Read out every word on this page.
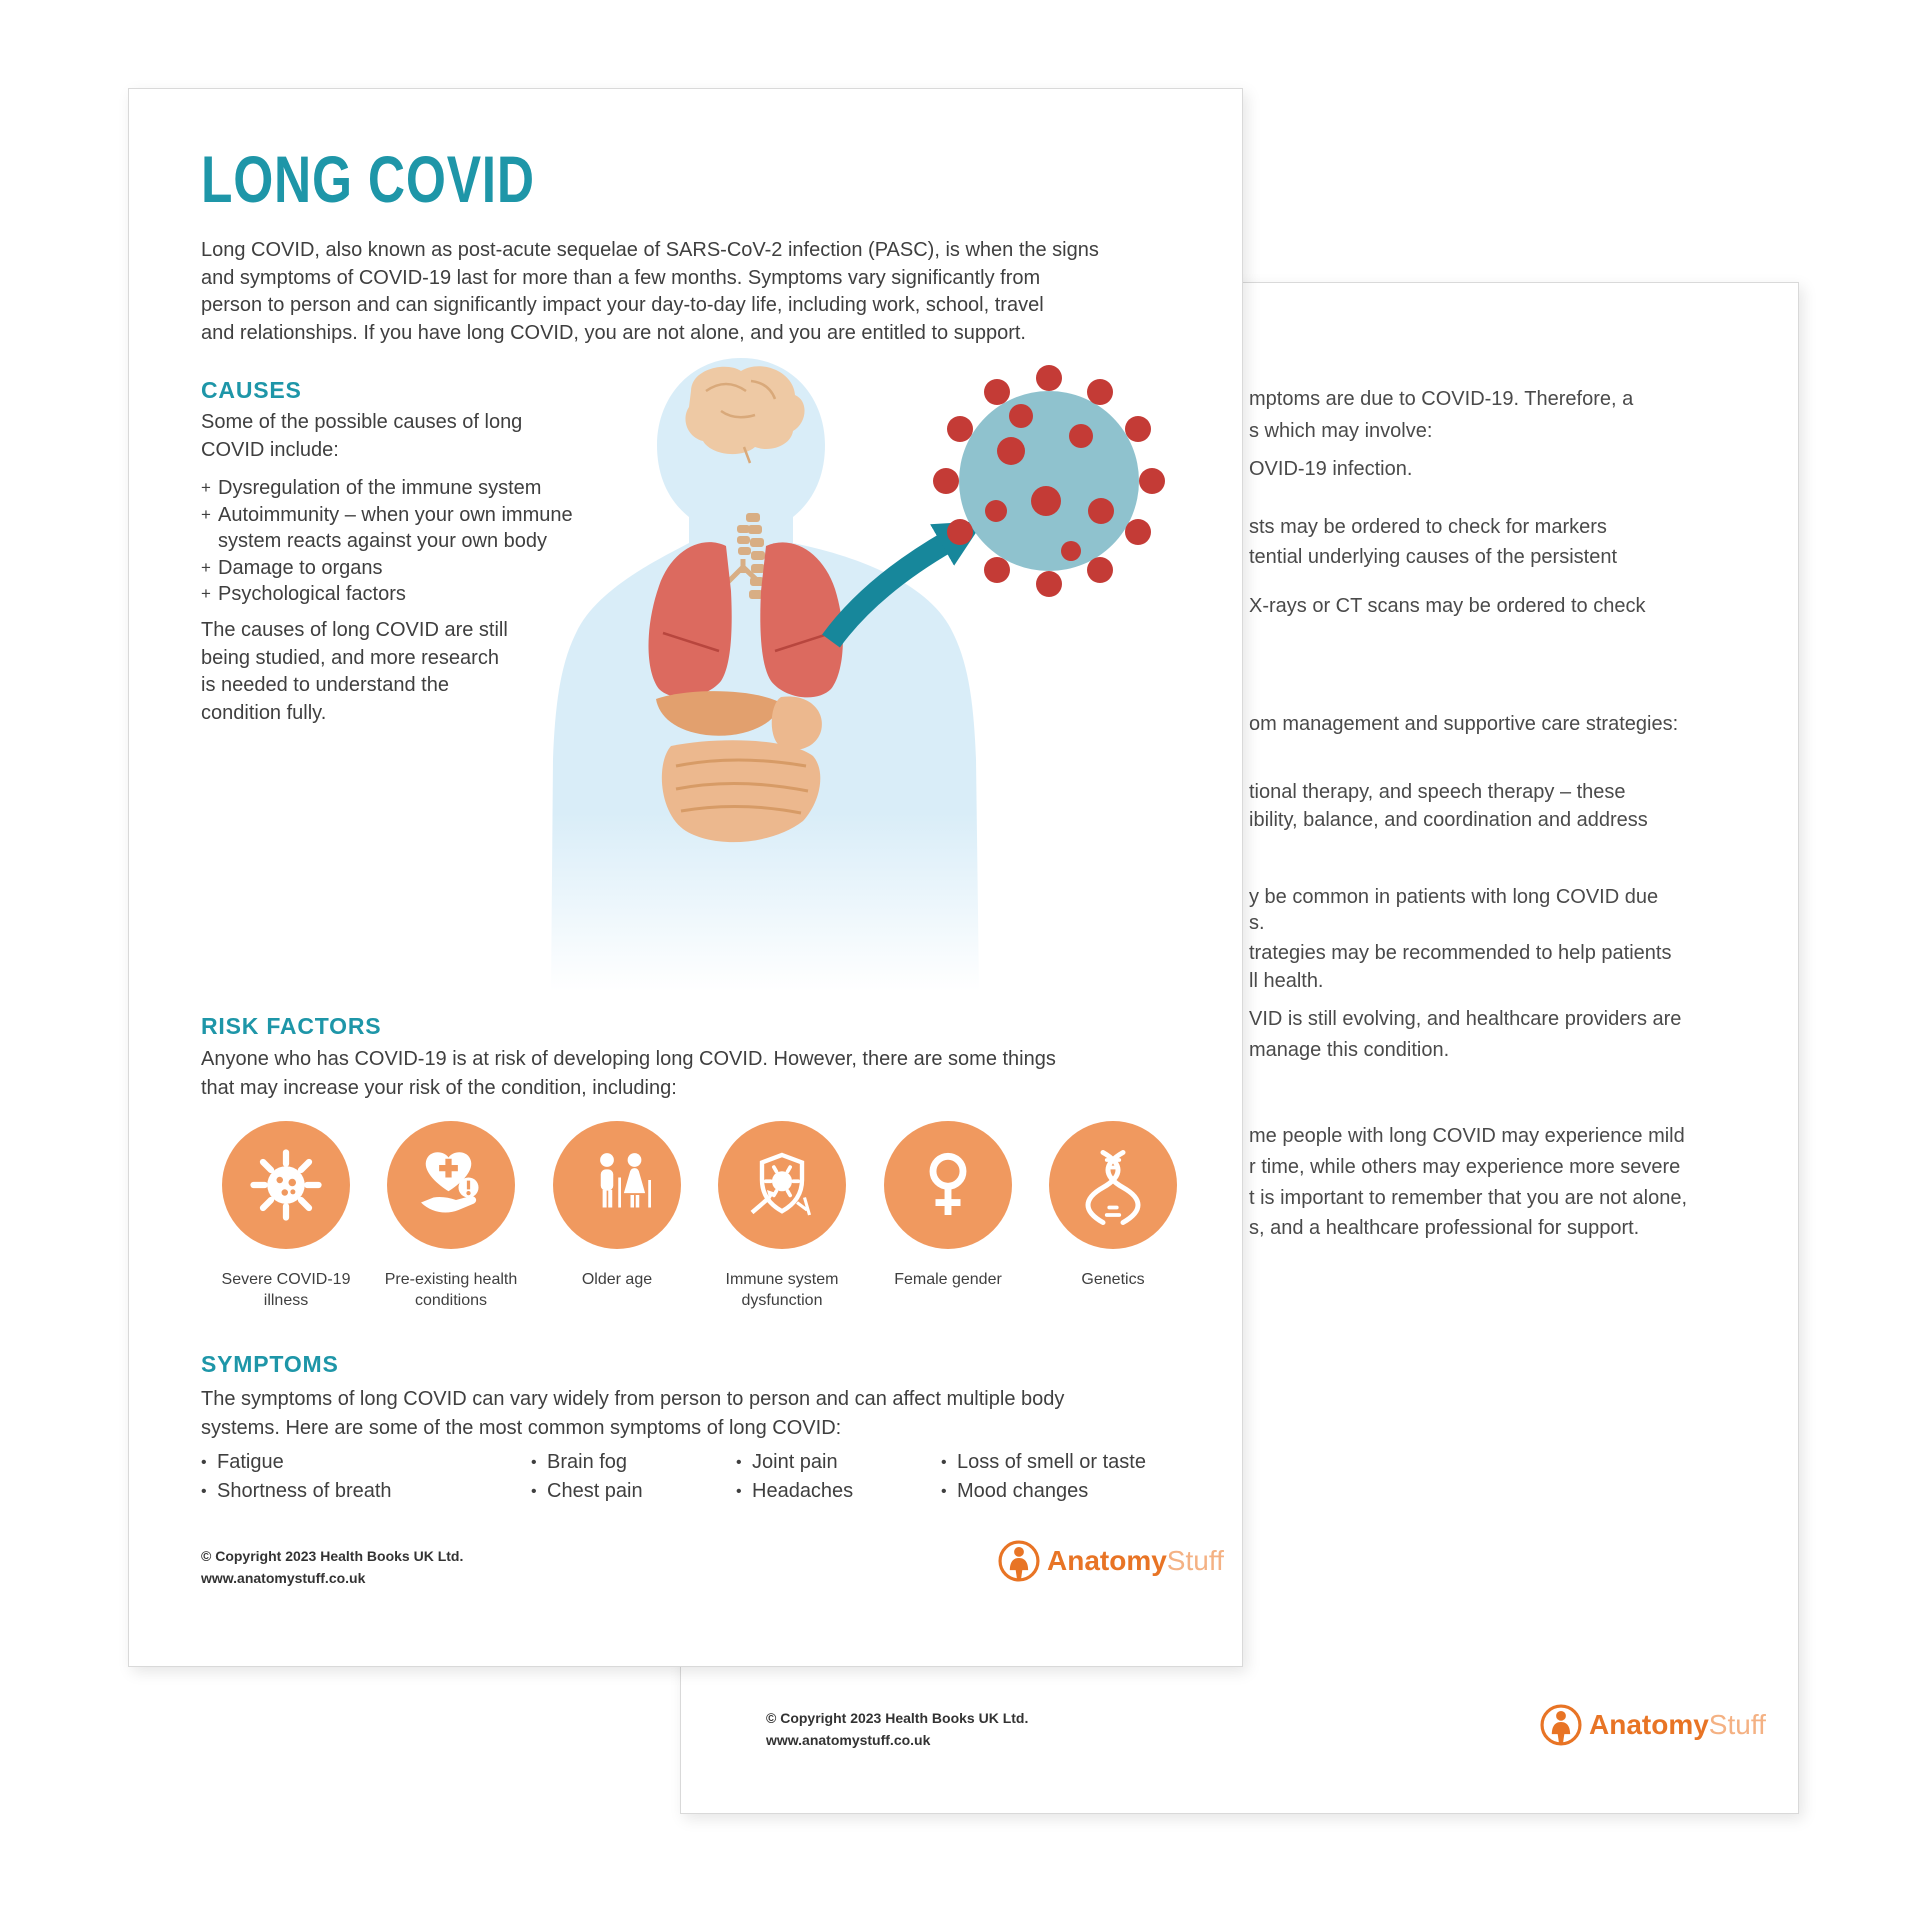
mptoms are due to COVID-19. Therefore, a
s which may involve:
OVID-19 infection.
sts may be ordered to check for markers
tential underlying causes of the persistent
X-rays or CT scans may be ordered to check
om management and supportive care strategies:
tional therapy, and speech therapy – these
ibility, balance, and coordination and address
y be common in patients with long COVID due
s.
trategies may be recommended to help patients
ll health.
VID is still evolving, and healthcare providers are
manage this condition.
me people with long COVID may experience mild
r time, while others may experience more severe
t is important to remember that you are not alone,
s, and a healthcare professional for support.
© Copyright 2023 Health Books UK Ltd.
www.anatomystuff.co.uk	AnatomyStuff
LONG COVID
Long COVID, also known as post-acute sequelae of SARS-CoV-2 infection (PASC), is when the signs
and symptoms of COVID-19 last for more than a few months. Symptoms vary significantly from
person to person and can significantly impact your day-to-day life, including work, school, travel
and relationships. If you have long COVID, you are not alone, and you are entitled to support.
CAUSES
Some of the possible causes of long
COVID include:
+ Dysregulation of the immune system
+ Autoimmunity – when your own immune
system reacts against your own body
+ Damage to organs
+ Psychological factors
The causes of long COVID are still
being studied, and more research
is needed to understand the
condition fully.
RISK FACTORS
Anyone who has COVID-19 is at risk of developing long COVID. However, there are some things
that may increase your risk of the condition, including:
Severe COVID-19 illness
Pre-existing health conditions
Older age	Immune system dysfunction
Female gender	Genetics
SYMPTOMS
The symptoms of long COVID can vary widely from person to person and can affect multiple body
systems. Here are some of the most common symptoms of long COVID:
• Fatigue
• Shortness of breath
• Brain fog
• Chest pain
• Joint pain
• Headaches
• Loss of smell or taste
• Mood changes
© Copyright 2023 Health Books UK Ltd.
www.anatomystuff.co.uk
AnatomyStuff
